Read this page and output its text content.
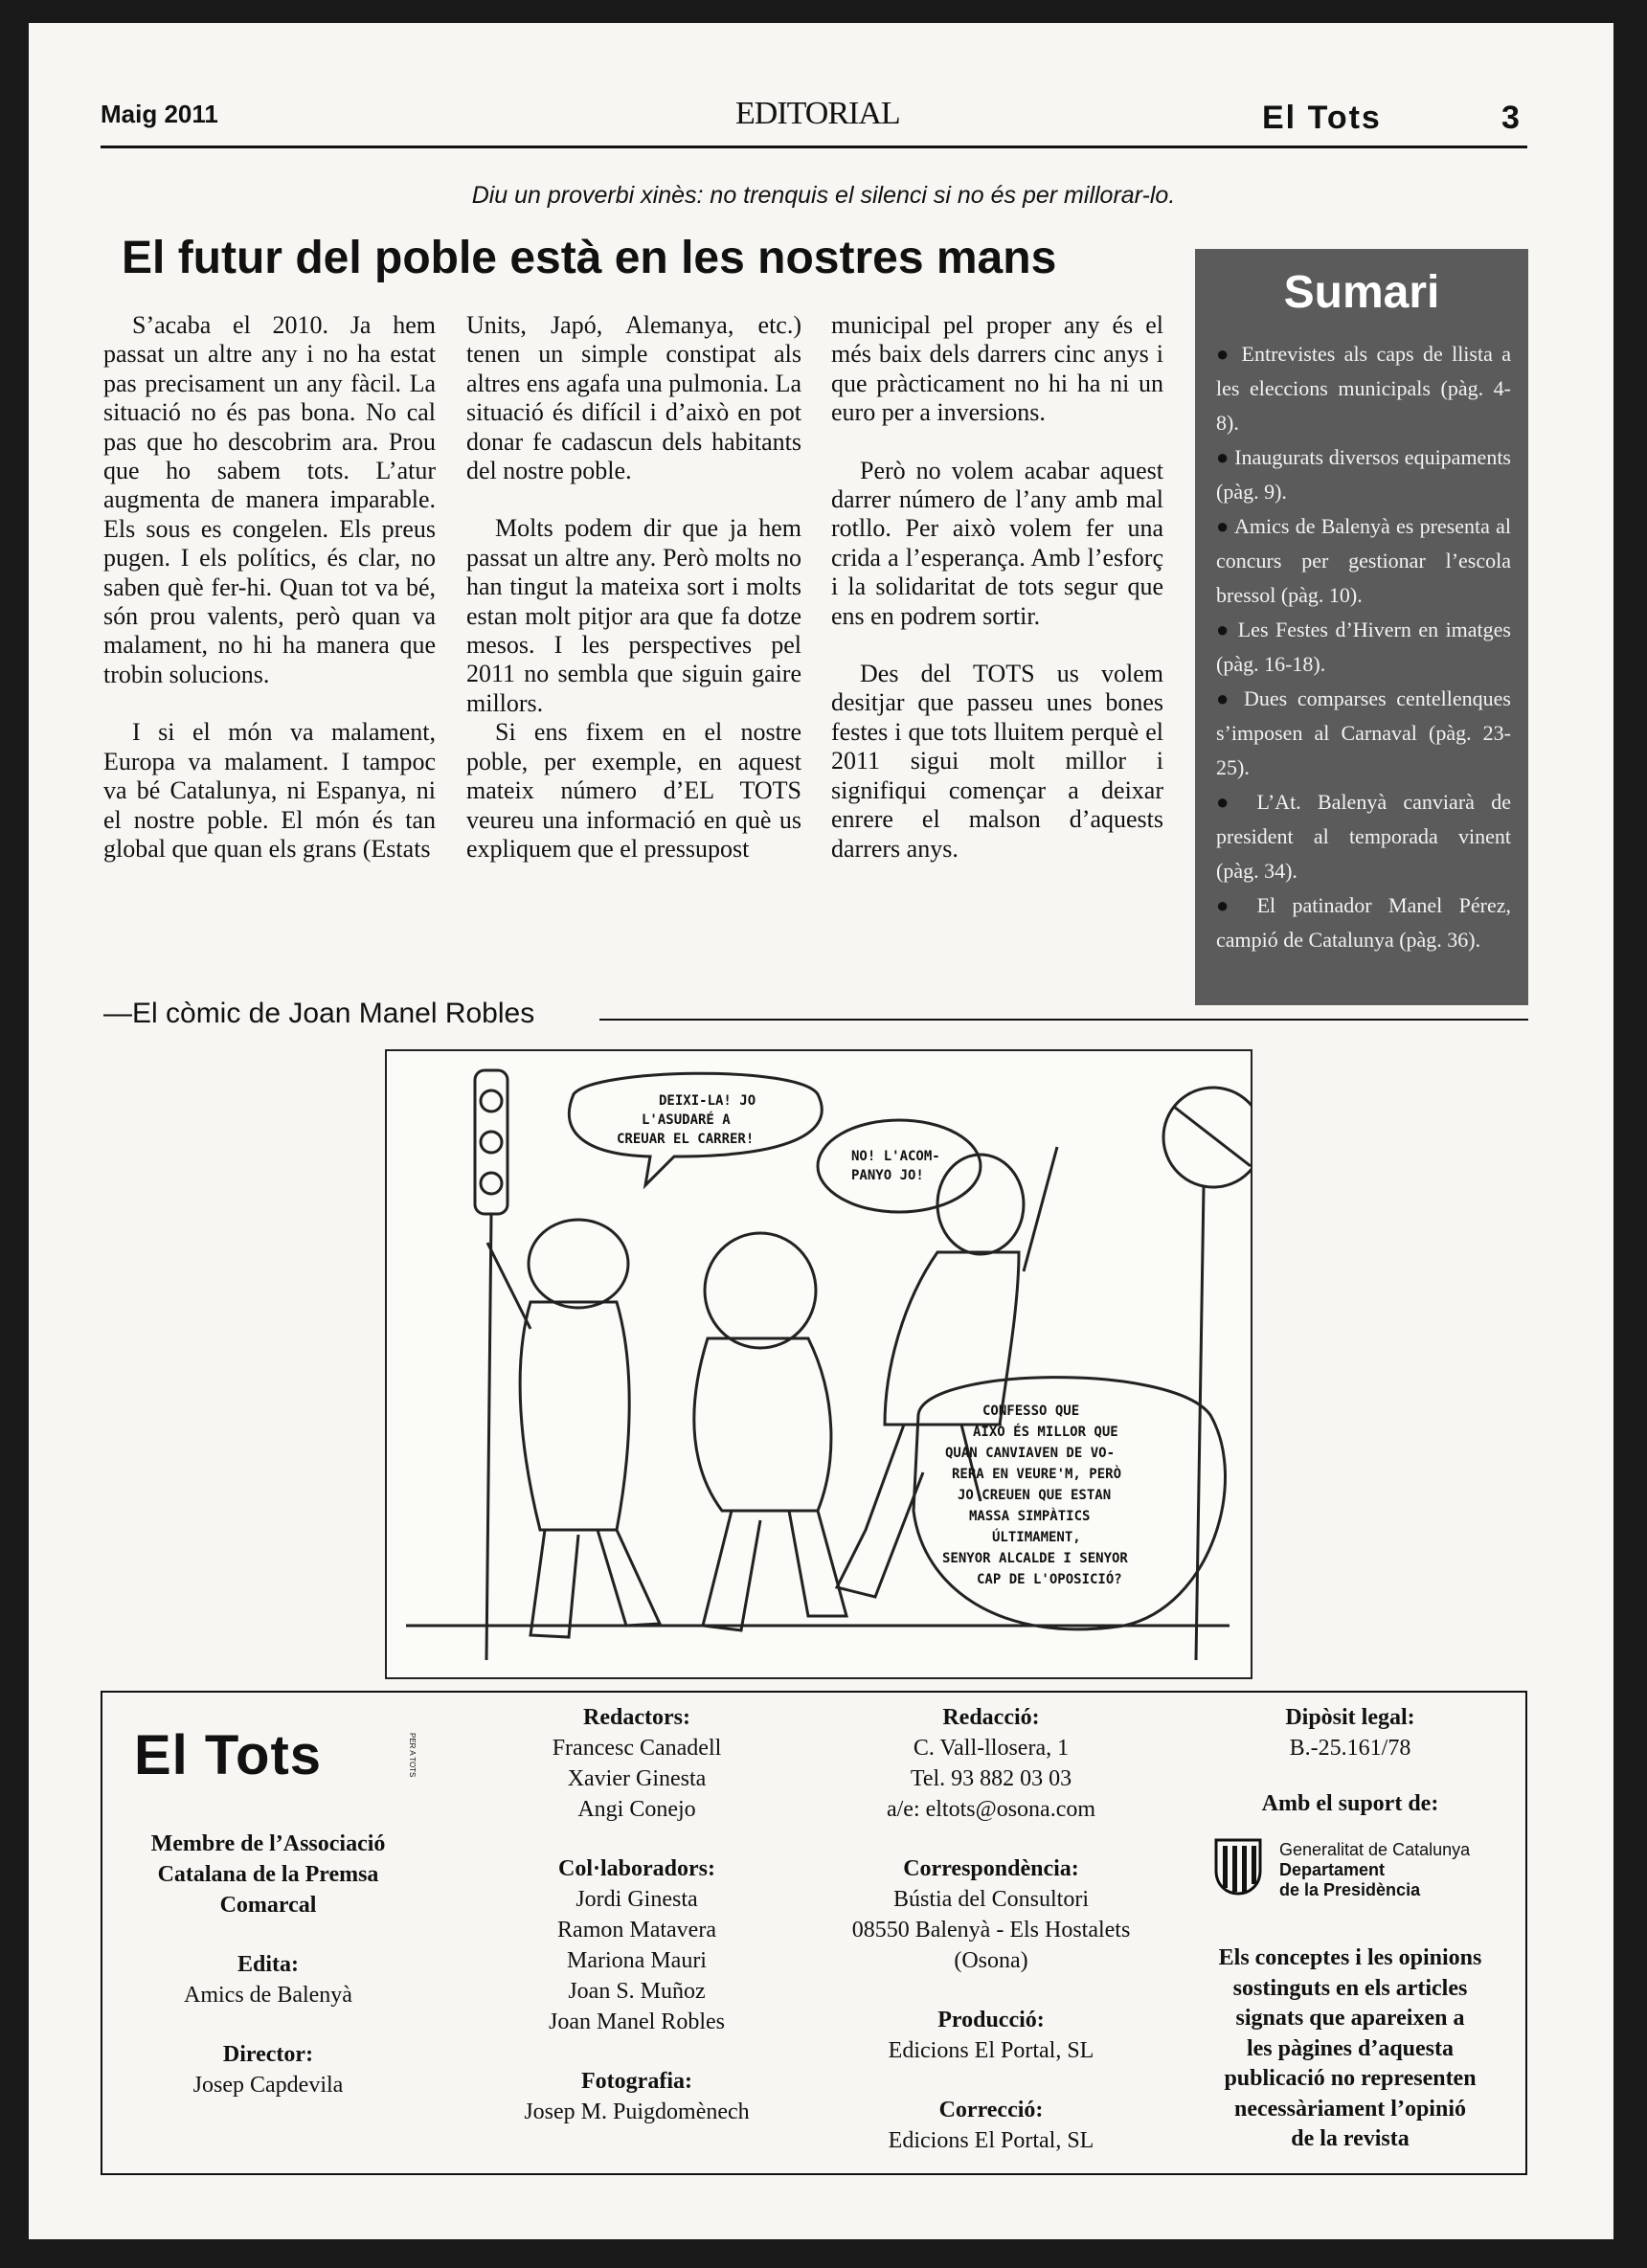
Maig 2011	EDITORIAL	El Tots	3
Diu un proverbi xinès: no trenquis el silenci si no és per millorar-lo.
El futur del poble està en les nostres mans

S’acaba el 2010. Ja hem passat un altre any i no ha estat pas precisament un any fàcil. La situació no és pas bona. No cal pas que ho descobrim ara. Prou que ho sabem tots. L’atur augmenta de manera imparable. Els sous es congelen. Els preus pugen. I els polítics, és clar, no saben què fer-hi. Quan tot va bé, són prou valents, però quan va malament, no hi ha manera que trobin solucions.

I si el món va malament, Europa va malament. I tampoc va bé Catalunya, ni Espanya, ni el nostre poble. El món és tan global que quan els grans (Estats

Units, Japó, Alemanya, etc.) tenen un simple constipat als altres ens agafa una pulmonia. La situació és difícil i d’això en pot donar fe cadascun dels habitants del nostre poble.

Molts podem dir que ja hem passat un altre any. Però molts no han tingut la mateixa sort i molts estan molt pitjor ara que fa dotze mesos. I les perspectives pel 2011 no sembla que siguin gaire millors.

Si ens fixem en el nostre poble, per exemple, en aquest mateix número d’EL TOTS veureu una informació en què us expliquem que el pressupost

municipal pel proper any és el més baix dels darrers cinc anys i que pràcticament no hi ha ni un euro per a inversions.

Però no volem acabar aquest darrer número de l’any amb mal rotllo. Per això volem fer una crida a l’esperança. Amb l’esforç i la solidaritat de tots segur que ens en podrem sortir.

Des del TOTS us volem desitjar que passeu unes bones festes i que tots lluitem perquè el 2011 sigui molt millor i signifiqui començar a deixar enrere el malson d’aquests darrers anys.

Sumari
● Entrevistes als caps de llista a les eleccions municipals (pàg. 4-8).
● Inaugurats diversos equipaments (pàg. 9).
● Amics de Balenyà es presenta al concurs per gestionar l’escola bressol (pàg. 10).
● Les Festes d’Hivern en imatges (pàg. 16-18).
● Dues comparses centellenques s’imposen al Carnaval (pàg. 23-25).
● L’At. Balenyà canviarà de president al temporada vinent (pàg. 34).
● El patinador Manel Pérez, campió de Catalunya (pàg. 36).
—El còmic de Joan Manel Robles
DEIXI-LA! JO
L'ASUDARÉ A
CREUAR EL CARRER!
NO! L'ACOM-
PANYO JO!
CONFESSO QUE
AIXÒ ÉS MILLOR QUE
QUAN CANVIAVEN DE VO-
RERA EN VEURE'M, PERÒ
JO CREUEN QUE ESTAN
MASSA SIMPÀTICS
ÚLTIMAMENT,
SENYOR ALCALDE I SENYOR
CAP DE L'OPOSICIÓ?
El Tots	PER A TOTS
Membre de l’Associació
Catalana de la Premsa
Comarcal
Edita:
Amics de Balenyà
Director:
Josep Capdevila
Redactors:
Francesc Canadell
Xavier Ginesta
Angi Conejo
Col·laboradors:
Jordi Ginesta
Ramon Matavera
Mariona Mauri
Joan S. Muñoz
Joan Manel Robles
Fotografia:
Josep M. Puigdomènech
Redacció:
C. Vall-llosera, 1
Tel. 93 882 03 03
a/e: eltots@osona.com
Correspondència:
Bústia del Consultori
08550 Balenyà - Els Hostalets
(Osona)
Producció:
Edicions El Portal, SL
Correcció:
Edicions El Portal, SL
Dipòsit legal:
B.-25.161/78
Amb el suport de:
Generalitat de Catalunya
Departament
de la Presidència
Els conceptes i les opinions
sostinguts en els articles
signats que apareixen a
les pàgines d’aquesta
publicació no representen
necessàriament l’opinió
de la revista
